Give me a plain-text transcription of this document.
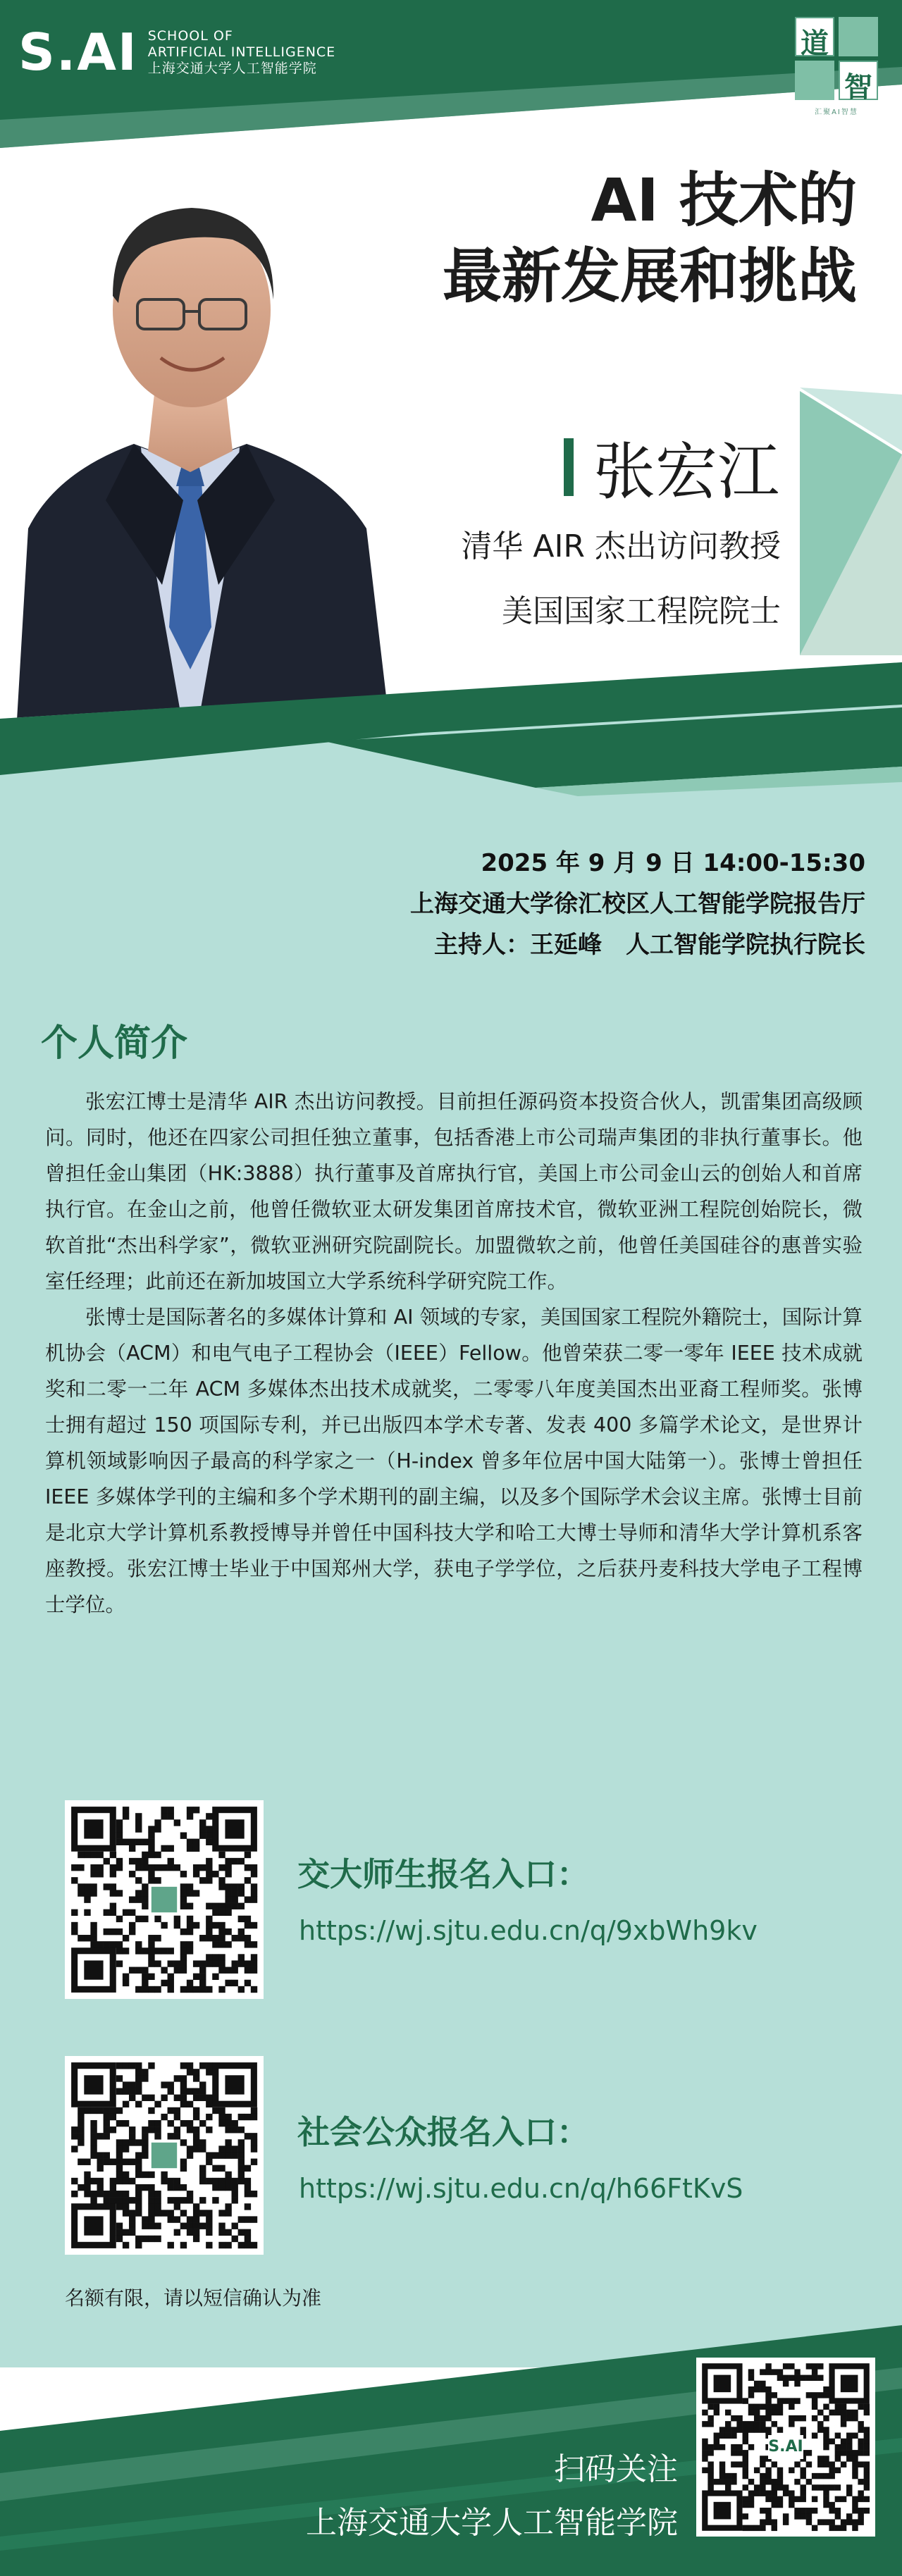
S.AI SCHOOL OF
ARTIFICIAL INTELLIGENCE
上海交通大学人工智能学院
道
智
汇聚AI智慧
AI 技术的
最新发展和挑战
张宏江
清华 AIR 杰出访问教授
美国国家工程院院士
2025 年 9 月 9 日 14:00-15:30
上海交通大学徐汇校区人工智能学院报告厅
主持人：王延峰　人工智能学院执行院长
个人简介

张宏江博士是清华 AIR 杰出访问教授。目前担任源码资本投资合伙人，凯雷集团高级顾问。同时，他还在四家公司担任独立董事，包括香港上市公司瑞声集团的非执行董事长。他曾担任金山集团（HK:3888）执行董事及首席执行官，美国上市公司金山云的创始人和首席执行官。在金山之前，他曾任微软亚太研发集团首席技术官，微软亚洲工程院创始院长，微软首批“杰出科学家”，微软亚洲研究院副院长。加盟微软之前，他曾任美国硅谷的惠普实验室任经理；此前还在新加坡国立大学系统科学研究院工作。

张博士是国际著名的多媒体计算和 AI 领域的专家，美国国家工程院外籍院士，国际计算机协会（ACM）和电气电子工程协会（IEEE）Fellow。他曾荣获二零一零年 IEEE 技术成就奖和二零一二年 ACM 多媒体杰出技术成就奖，二零零八年度美国杰出亚裔工程师奖。张博士拥有超过 150 项国际专利，并已出版四本学术专著、发表 400 多篇学术论文，是世界计算机领域影响因子最高的科学家之一（H-index 曾多年位居中国大陆第一）。张博士曾担任 IEEE 多媒体学刊的主编和多个学术期刊的副主编，以及多个国际学术会议主席。张博士目前是北京大学计算机系教授博导并曾任中国科技大学和哈工大博士导师和清华大学计算机系客座教授。张宏江博士毕业于中国郑州大学，获电子学学位，之后获丹麦科技大学电子工程博士学位。

交大师生报名入口：
https://wj.sjtu.edu.cn/q/9xbWh9kv
社会公众报名入口：
https://wj.sjtu.edu.cn/q/h66FtKvS
名额有限，请以短信确认为准
扫码关注
上海交通大学人工智能学院
S.AI
